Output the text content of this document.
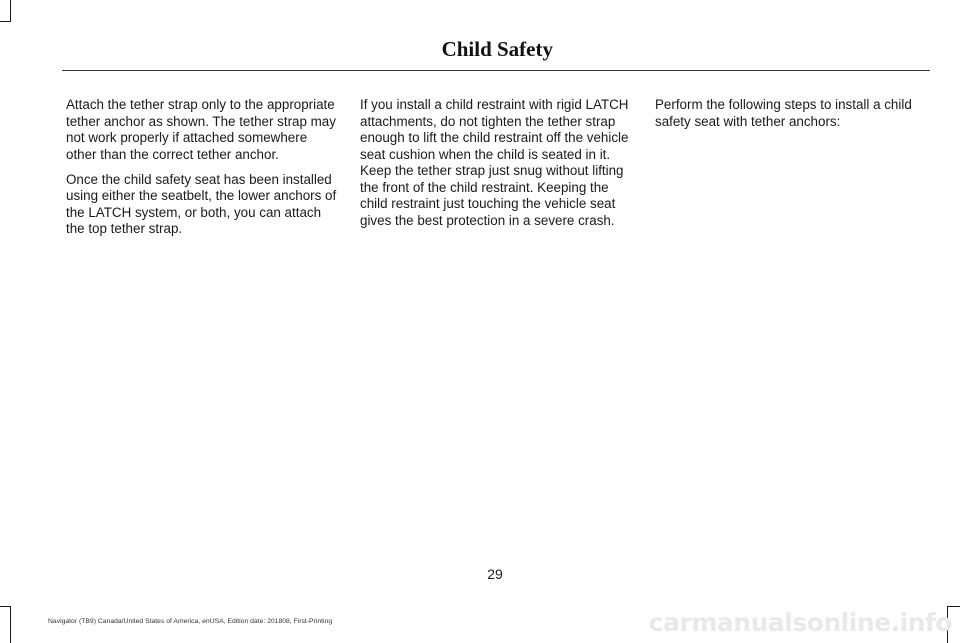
Child Safety

Attach the tether strap only to the appropriate tether anchor as shown. The tether strap may not work properly if attached somewhere other than the correct tether anchor.

Once the child safety seat has been installed using either the seatbelt, the lower anchors of the LATCH system, or both, you can attach the top tether strap.

If you install a child restraint with rigid LATCH attachments, do not tighten the tether strap enough to lift the child restraint off the vehicle seat cushion when the child is seated in it. Keep the tether strap just snug without lifting the front of the child restraint. Keeping the child restraint just touching the vehicle seat gives the best protection in a severe crash.

Perform the following steps to install a child safety seat with tether anchors:

29
Navigator (TB9) Canada/United States of America, enUSA, Edition date: 201808, First-Printing	carmanualsonline.info
